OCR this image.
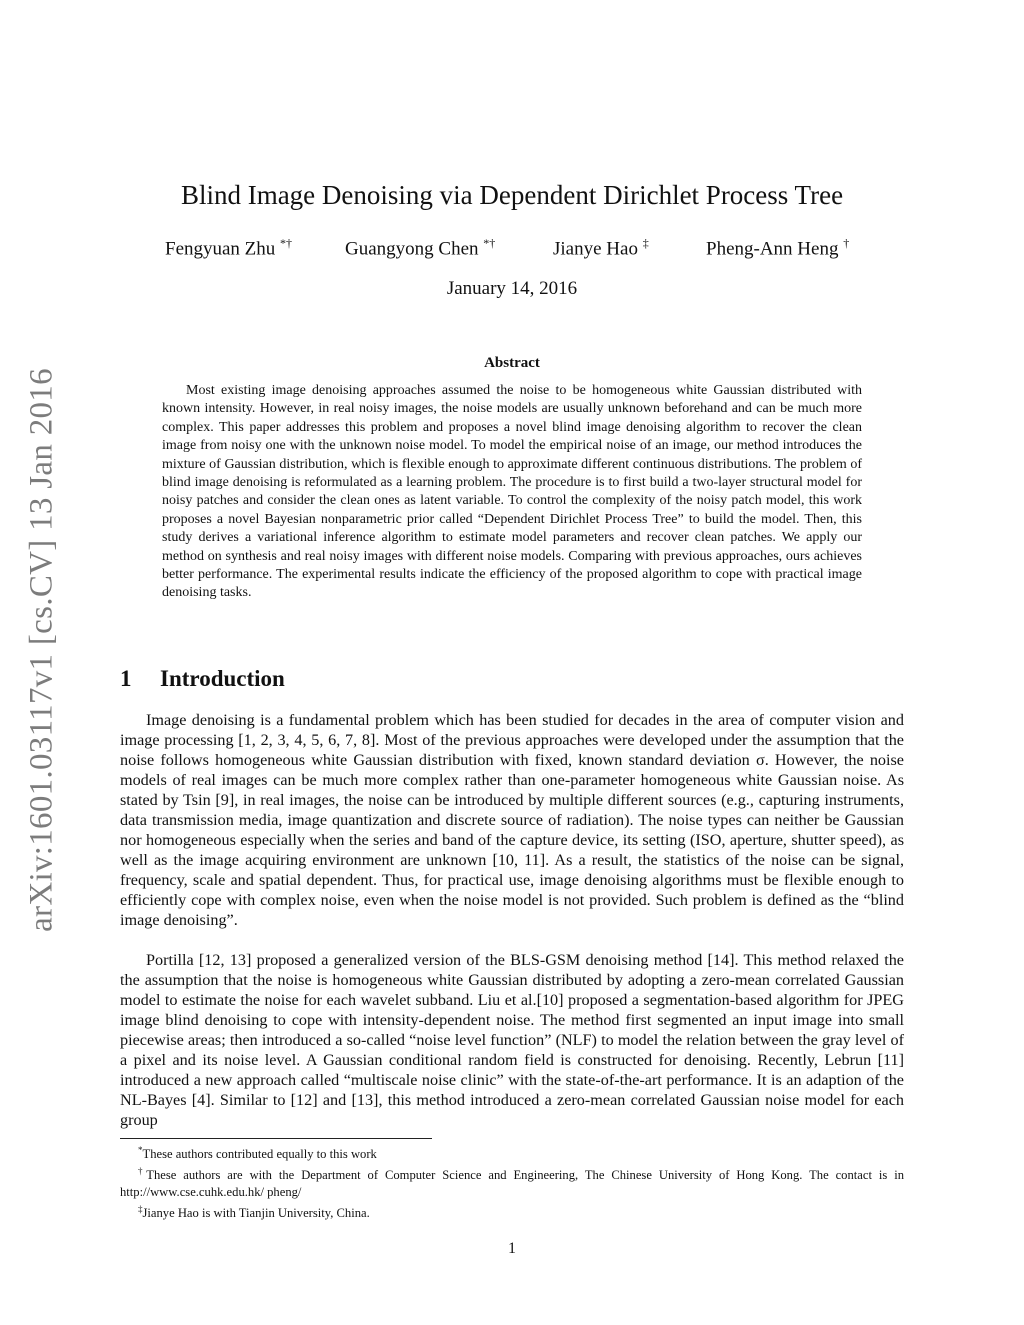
arXiv:1601.03117v1 [cs.CV] 13 Jan 2016
Blind Image Denoising via Dependent Dirichlet Process Tree
Fengyuan Zhu *†	Guangyong Chen *†	Jianye Hao ‡	Pheng-Ann Heng †
January 14, 2016
Abstract

Most existing image denoising approaches assumed the noise to be homogeneous white Gaussian distributed with known intensity. However, in real noisy images, the noise models are usually unknown beforehand and can be much more complex. This paper addresses this problem and proposes a novel blind image denoising algorithm to recover the clean image from noisy one with the unknown noise model. To model the empirical noise of an image, our method introduces the mixture of Gaussian distribution, which is flexible enough to approximate different continuous distributions. The problem of blind image denoising is reformulated as a learning problem. The procedure is to first build a two-layer structural model for noisy patches and consider the clean ones as latent variable. To control the complexity of the noisy patch model, this work proposes a novel Bayesian nonparametric prior called “Dependent Dirichlet Process Tree” to build the model. Then, this study derives a variational inference algorithm to estimate model parameters and recover clean patches. We apply our method on synthesis and real noisy images with different noise models. Comparing with previous approaches, ours achieves better performance. The experimental results indicate the efficiency of the proposed algorithm to cope with practical image denoising tasks.

1 Introduction

Image denoising is a fundamental problem which has been studied for decades in the area of computer vision and image processing [1, 2, 3, 4, 5, 6, 7, 8]. Most of the previous approaches were developed under the assumption that the noise follows homogeneous white Gaussian distribution with fixed, known standard deviation σ. However, the noise models of real images can be much more complex rather than one-parameter homogeneous white Gaussian noise. As stated by Tsin [9], in real images, the noise can be introduced by multiple different sources (e.g., capturing instruments, data transmission media, image quantization and discrete source of radiation). The noise types can neither be Gaussian nor homogeneous especially when the series and band of the capture device, its setting (ISO, aperture, shutter speed), as well as the image acquiring environment are unknown [10, 11]. As a result, the statistics of the noise can be signal, frequency, scale and spatial dependent. Thus, for practical use, image denoising algorithms must be flexible enough to efficiently cope with complex noise, even when the noise model is not provided. Such problem is defined as the “blind image denoising”.

Portilla [12, 13] proposed a generalized version of the BLS-GSM denoising method [14]. This method relaxed the the assumption that the noise is homogeneous white Gaussian distributed by adopting a zero-mean correlated Gaussian model to estimate the noise for each wavelet subband. Liu et al.[10] proposed a segmentation-based algorithm for JPEG image blind denoising to cope with intensity-dependent noise. The method first segmented an input image into small piecewise areas; then introduced a so-called “noise level function” (NLF) to model the relation between the gray level of a pixel and its noise level. A Gaussian conditional random field is constructed for denoising. Recently, Lebrun [11] introduced a new approach called “multiscale noise clinic” with the state-of-the-art performance. It is an adaption of the NL-Bayes [4]. Similar to [12] and [13], this method introduced a zero-mean correlated Gaussian noise model for each group

*These authors contributed equally to this work

†These authors are with the Department of Computer Science and Engineering, The Chinese University of Hong Kong. The contact is in http://www.cse.cuhk.edu.hk/ pheng/

‡Jianye Hao is with Tianjin University, China.

1
